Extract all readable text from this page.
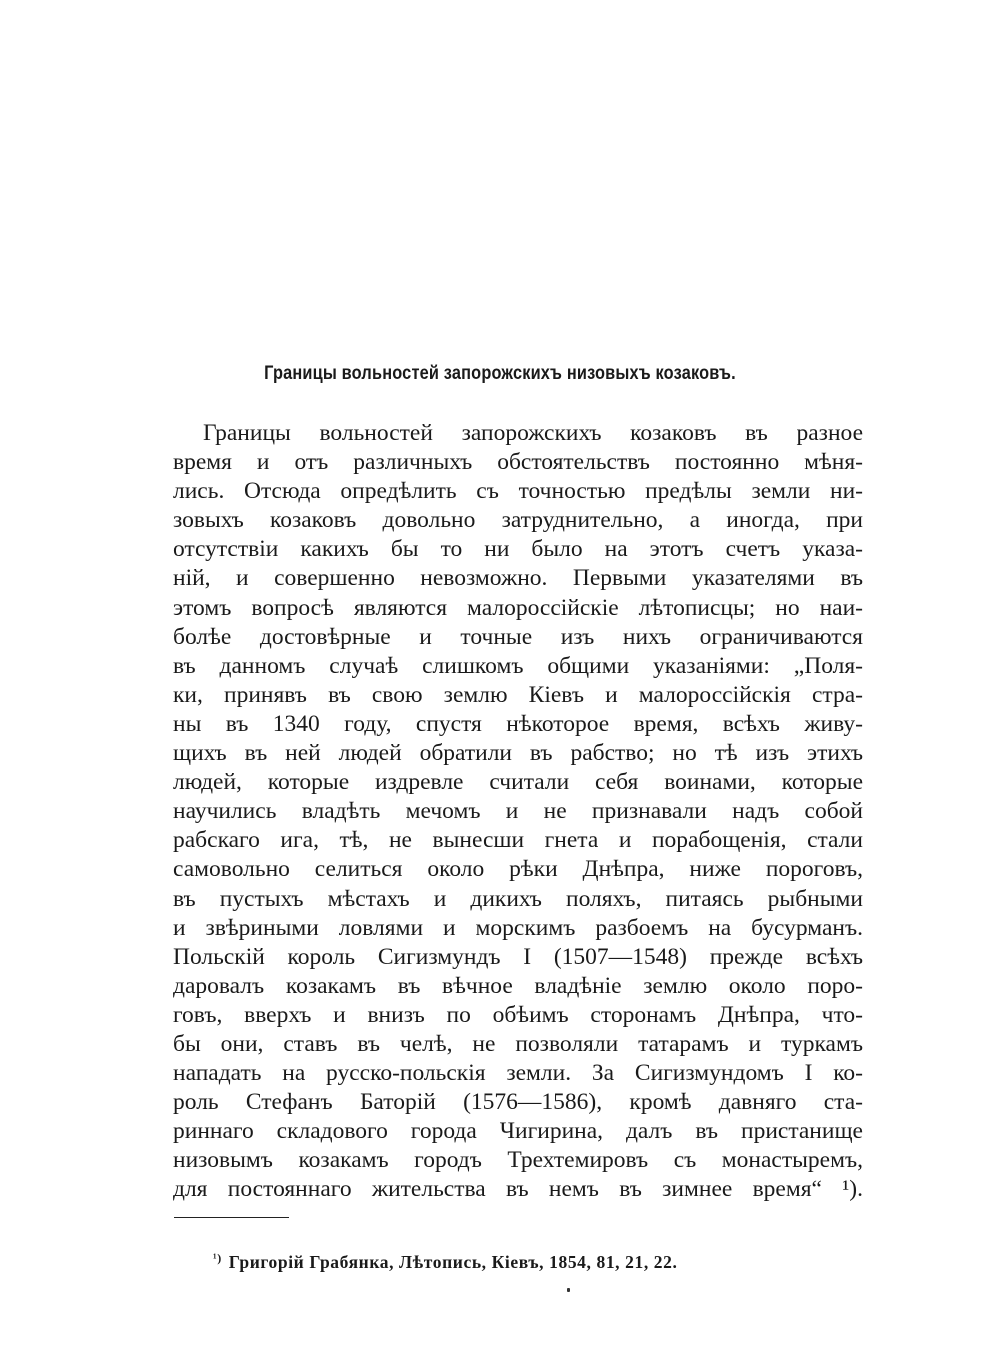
Границы вольностей запорожскихъ низовыхъ козаковъ.
Границы вольностей запорожскихъ козаковъ въ разное
время и отъ различныхъ обстоятельствъ постоянно мѣня-
лись. Отсюда опредѣлить съ точностью предѣлы земли ни-
зовыхъ козаковъ довольно затруднительно, а иногда, при
отсутствіи какихъ бы то ни было на этотъ счетъ указа-
ній, и совершенно невозможно. Первыми указателями въ
этомъ вопросѣ являются малороссійскіе лѣтописцы; но наи-
болѣе достовѣрные и точные изъ нихъ ограничиваются
въ данномъ случаѣ слишкомъ общими указаніями: „Поля-
ки, принявъ въ свою землю Кіевъ и малороссійскія стра-
ны въ 1340 году, спустя нѣкоторое время, всѣхъ живу-
щихъ въ ней людей обратили въ рабство; но тѣ изъ этихъ
людей, которые издревле считали себя воинами, которые
научились владѣть мечомъ и не признавали надъ собой
рабскаго ига, тѣ, не вынесши гнета и порабощенія, стали
самовольно селиться около рѣки Днѣпра, ниже пороговъ,
въ пустыхъ мѣстахъ и дикихъ поляхъ, питаясь рыбными
и звѣриными ловлями и морскимъ разбоемъ на бусурманъ.
Польскій король Сигизмундъ I (1507—1548) прежде всѣхъ
даровалъ козакамъ въ вѣчное владѣніе землю около поро-
говъ, вверхъ и внизъ по обѣимъ сторонамъ Днѣпра, что-
бы они, ставъ въ челѣ, не позволяли татарамъ и туркамъ
нападать на русско-польскія земли. За Сигизмундомъ I ко-
роль Стефанъ Баторій (1576—1586), кромѣ давняго ста-
риннаго складового города Чигирина, далъ въ пристанище
низовымъ козакамъ городъ Трехтемировъ съ монастыремъ,
для постояннаго жительства въ немъ въ зимнее время“ ¹).
$^{^1)}$ Григорій Грабянка, Лѣтопись, Кіевъ, 1854, 81, 21, 22.
